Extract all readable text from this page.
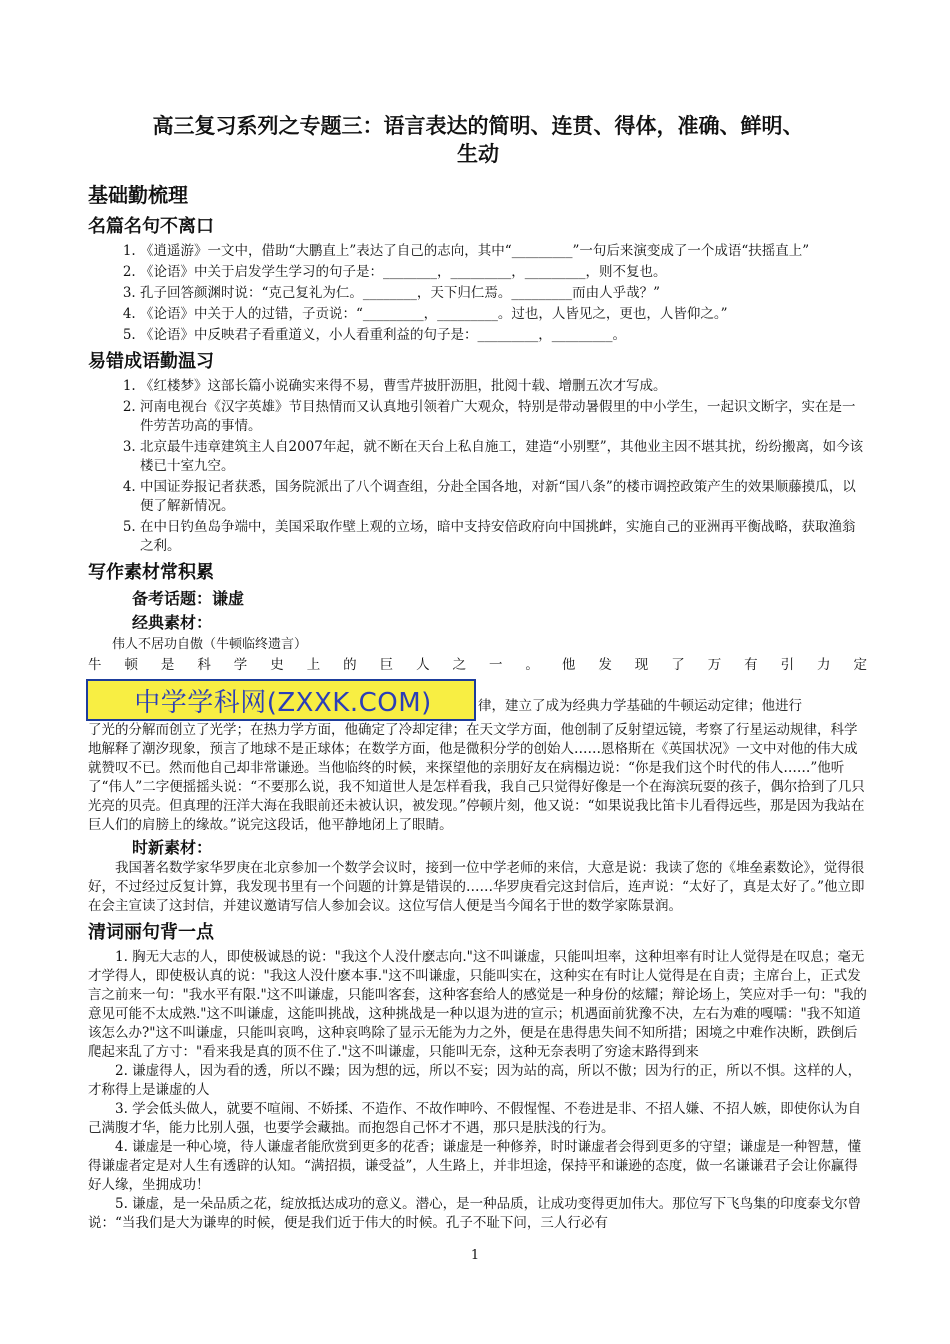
高三复习系列之专题三：语言表达的简明、连贯、得体，准确、鲜明、
生动
基础勤梳理
名篇名句不离口
1. 《逍遥游》一文中，借助“大鹏直上”表达了自己的志向，其中“_________”一句后来演变成了一个成语“扶摇直上”
2. 《论语》中关于启发学生学习的句子是：________，_________，_________，则不复也。
3. 孔子回答颜渊时说：“克己复礼为仁。________，天下归仁焉。_________而由人乎哉？”
4. 《论语》中关于人的过错，子贡说：“_________，_________。过也，人皆见之，更也，人皆仰之。”
5. 《论语》中反映君子看重道义，小人看重利益的句子是：_________，_________。
易错成语勤温习
1. 《红楼梦》这部长篇小说确实来得不易，曹雪芹披肝沥胆，批阅十载、增删五次才写成。
2. 河南电视台《汉字英雄》节目热情而又认真地引领着广大观众，特别是带动暑假里的中小学生，一起识文断字，实在是一件劳苦功高的事情。
3. 北京最牛违章建筑主人自2007年起，就不断在天台上私自施工，建造“小别墅”，其他业主因不堪其扰，纷纷搬离，如今该楼已十室九空。
4. 中国证券报记者获悉，国务院派出了八个调查组，分赴全国各地，对新“国八条”的楼市调控政策产生的效果顺藤摸瓜，以便了解新情况。
5. 在中日钓鱼岛争端中，美国采取作壁上观的立场，暗中支持安倍政府向中国挑衅，实施自己的亚洲再平衡战略，获取渔翁之利。
写作素材常积累
备考话题：谦虚
经典素材：
伟人不居功自傲（牛顿临终遗言）

牛顿是科学史上的巨人之一。他发现了万有引力定

中学学科网(ZXXK.COM)	律，建立了成为经典力学基础的牛顿运动定律；他进行

了光的分解而创立了光学；在热力学方面，他确定了冷却定律；在天文学方面，他创制了反射望远镜，考察了行星运动规律，科学地解释了潮汐现象，预言了地球不是正球体；在数学方面，他是微积分学的创始人……恩格斯在《英国状况》一文中对他的伟大成就赞叹不已。然而他自己却非常谦逊。当他临终的时候，来探望他的亲朋好友在病榻边说：“你是我们这个时代的伟人……”他听了“伟人”二字便摇摇头说：“不要那么说，我不知道世人是怎样看我，我自己只觉得好像是一个在海滨玩耍的孩子，偶尔拾到了几只光亮的贝壳。但真理的汪洋大海在我眼前还未被认识，被发现。”停顿片刻，他又说：“如果说我比笛卡儿看得远些，那是因为我站在巨人们的肩膀上的缘故。”说完这段话，他平静地闭上了眼睛。

时新素材：

我国著名数学家华罗庚在北京参加一个数学会议时，接到一位中学老师的来信，大意是说：我读了您的《堆垒素数论》，觉得很好，不过经过反复计算，我发现书里有一个问题的计算是错误的……华罗庚看完这封信后，连声说：“太好了，真是太好了。”他立即在会主宣读了这封信，并建议邀请写信人参加会议。这位写信人便是当今闻名于世的数学家陈景润。

清词丽句背一点

1. 胸无大志的人，即使极诚恳的说："我这个人没什麽志向."这不叫谦虚，只能叫坦率，这种坦率有时让人觉得是在叹息；毫无才学得人，即使极认真的说："我这人没什麽本事."这不叫谦虚，只能叫实在，这种实在有时让人觉得是在自责；主席台上，正式发言之前来一句："我水平有限."这不叫谦虚，只能叫客套，这种客套给人的感觉是一种身份的炫耀；辩论场上，笑应对手一句："我的意见可能不太成熟."这不叫谦虚，这能叫挑战，这种挑战是一种以退为进的宣示；机遇面前犹豫不决，左右为难的嘎嚅："我不知道该怎么办?"这不叫谦虚，只能叫哀鸣，这种哀鸣除了显示无能为力之外，便是在患得患失间不知所措；困境之中难作决断，跌倒后爬起来乱了方寸："看来我是真的顶不住了."这不叫谦虚，只能叫无奈，这种无奈表明了穷途末路得到来

2. 谦虚得人，因为看的透，所以不躁；因为想的远，所以不妄；因为站的高，所以不傲；因为行的正，所以不惧。这样的人，才称得上是谦虚的人

3. 学会低头做人，就要不喧闹、不娇揉、不造作、不故作呻吟、不假惺惺、不卷进是非、不招人嫌、不招人嫉，即使你认为自己满腹才华，能力比别人强，也要学会藏拙。而抱怨自己怀才不遇，那只是肤浅的行为。

4. 谦虚是一种心境，待人谦虚者能欣赏到更多的花香；谦虚是一种修养，时时谦虚者会得到更多的守望；谦虚是一种智慧，懂得谦虚者定是对人生有透辟的认知。“满招损，谦受益”，人生路上，并非坦途，保持平和谦逊的态度，做一名谦谦君子会让你赢得好人缘，坐拥成功！

5. 谦虚，是一朵品质之花，绽放抵达成功的意义。潜心，是一种品质，让成功变得更加伟大。那位写下飞鸟集的印度泰戈尔曾说：“当我们是大为谦卑的时候，便是我们近于伟大的时候。孔子不耻下问，三人行必有

1
